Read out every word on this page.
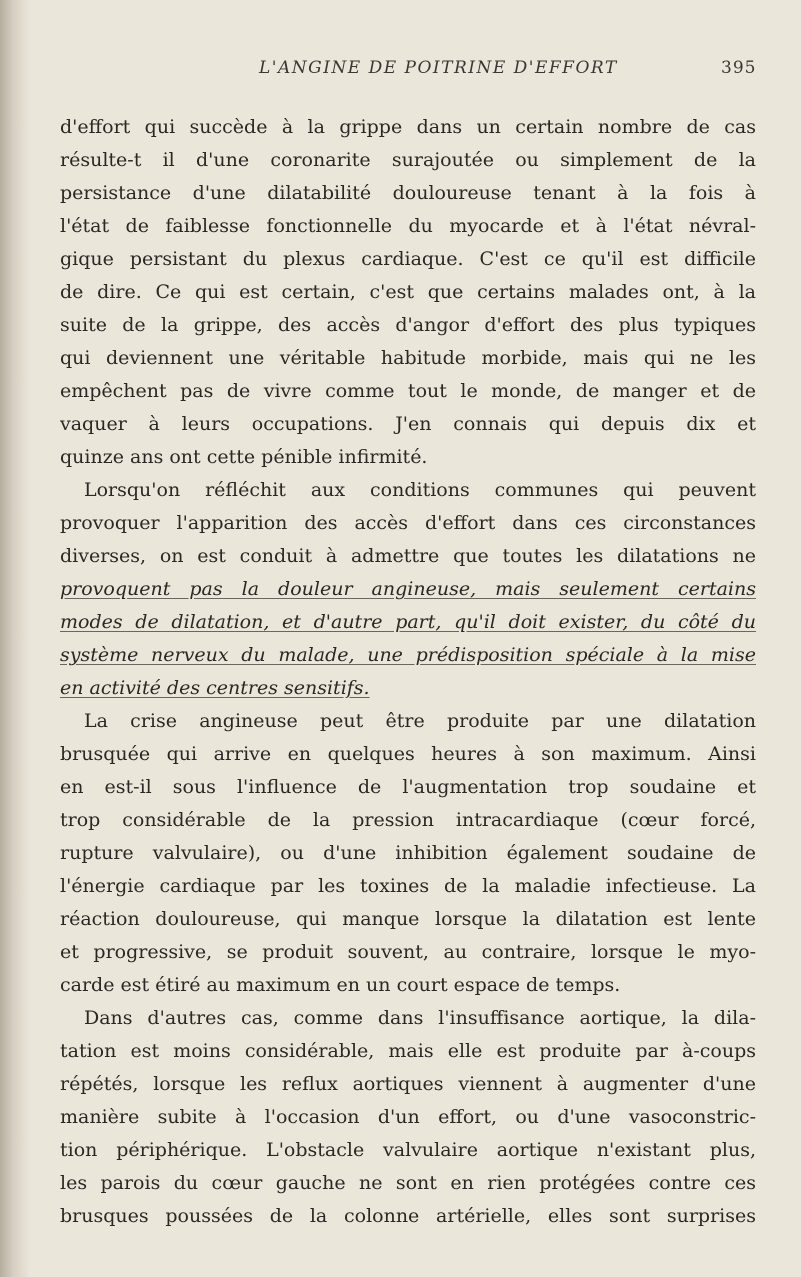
L'ANGINE DE POITRINE D'EFFORT	395
d'effort qui succède à la grippe dans un certain nombre de cas
résulte-t il d'une coronarite surajoutée ou simplement de la
persistance d'une dilatabilité douloureuse tenant à la fois à
l'état de faiblesse fonctionnelle du myocarde et à l'état névral-
gique persistant du plexus cardiaque. C'est ce qu'il est difficile
de dire. Ce qui est certain, c'est que certains malades ont, à la
suite de la grippe, des accès d'angor d'effort des plus typiques
qui deviennent une véritable habitude morbide, mais qui ne les
empêchent pas de vivre comme tout le monde, de manger et de
vaquer à leurs occupations. J'en connais qui depuis dix et
quinze ans ont cette pénible infirmité.
Lorsqu'on réfléchit aux conditions communes qui peuvent
provoquer l'apparition des accès d'effort dans ces circonstances
diverses, on est conduit à admettre que toutes les dilatations ne
provoquent pas la douleur angineuse, mais seulement certains
modes de dilatation, et d'autre part, qu'il doit exister, du côté du
système nerveux du malade, une prédisposition spéciale à la mise
en activité des centres sensitifs.
La crise angineuse peut être produite par une dilatation
brusquée qui arrive en quelques heures à son maximum. Ainsi
en est-il sous l'influence de l'augmentation trop soudaine et
trop considérable de la pression intracardiaque (cœur forcé,
rupture valvulaire), ou d'une inhibition également soudaine de
l'énergie cardiaque par les toxines de la maladie infectieuse. La
réaction douloureuse, qui manque lorsque la dilatation est lente
et progressive, se produit souvent, au contraire, lorsque le myo-
carde est étiré au maximum en un court espace de temps.
Dans d'autres cas, comme dans l'insuffisance aortique, la dila-
tation est moins considérable, mais elle est produite par à-coups
répétés, lorsque les reflux aortiques viennent à augmenter d'une
manière subite à l'occasion d'un effort, ou d'une vasoconstric-
tion périphérique. L'obstacle valvulaire aortique n'existant plus,
les parois du cœur gauche ne sont en rien protégées contre ces
brusques poussées de la colonne artérielle, elles sont surprises
